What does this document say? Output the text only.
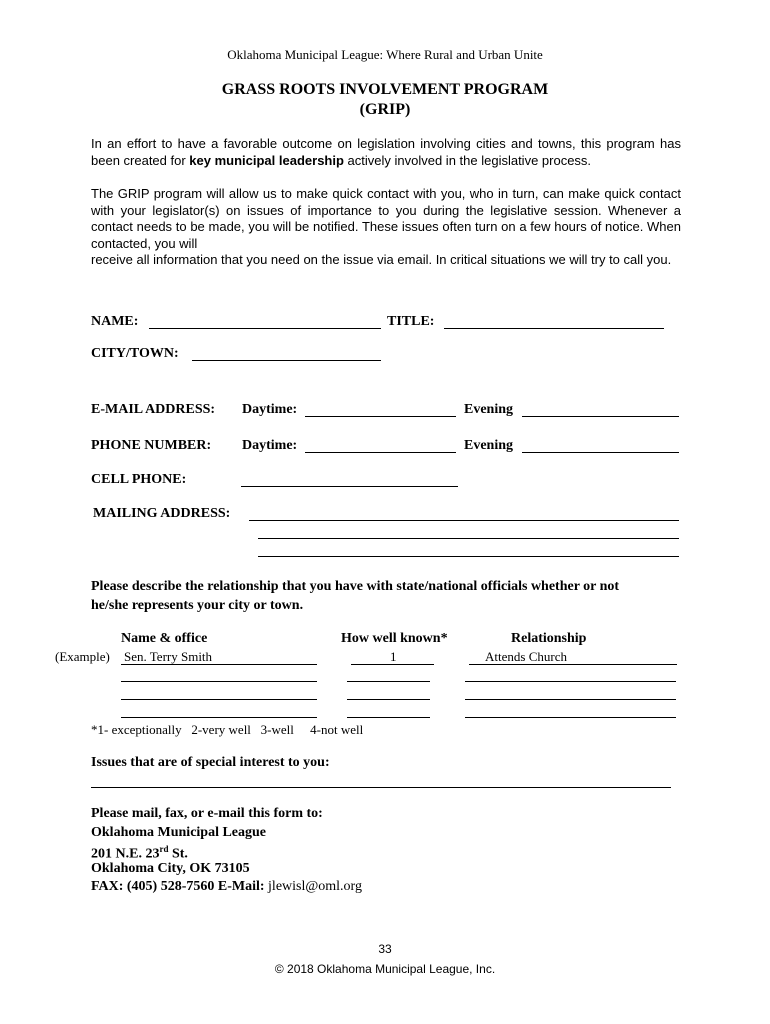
Oklahoma Municipal League: Where Rural and Urban Unite
GRASS ROOTS INVOLVEMENT PROGRAM
(GRIP)
In an effort to have a favorable outcome on legislation involving cities and towns, this program has been created for key municipal leadership actively involved in the legislative process.

The GRIP program will allow us to make quick contact with you, who in turn, can make quick contact with your legislator(s) on issues of importance to you during the legislative session. Whenever a contact needs to be made, you will be notified. These issues often turn on a few hours of notice. When contacted, you will

receive all information that you need on the issue via email. In critical situations we will try to call you.

NAME:	TITLE:
CITY/TOWN:
E-MAIL ADDRESS: Daytime:	Evening
PHONE NUMBER: Daytime:	Evening
CELL PHONE:
MAILING ADDRESS:
Please describe the relationship that you have with state/national officials whether or not
he/she represents your city or town.
Name & office	How well known*	Relationship
(Example) Sen. Terry Smith	1	Attends Church
*1- exceptionally   2-very well   3-well     4-not well
Issues that are of special interest to you:
Please mail, fax, or e-mail this form to:
Oklahoma Municipal League
201 N.E. 23rd St.
Oklahoma City, OK 73105
FAX: (405) 528-7560 E-Mail: jlewisl@oml.org
33
© 2018 Oklahoma Municipal League, Inc.
